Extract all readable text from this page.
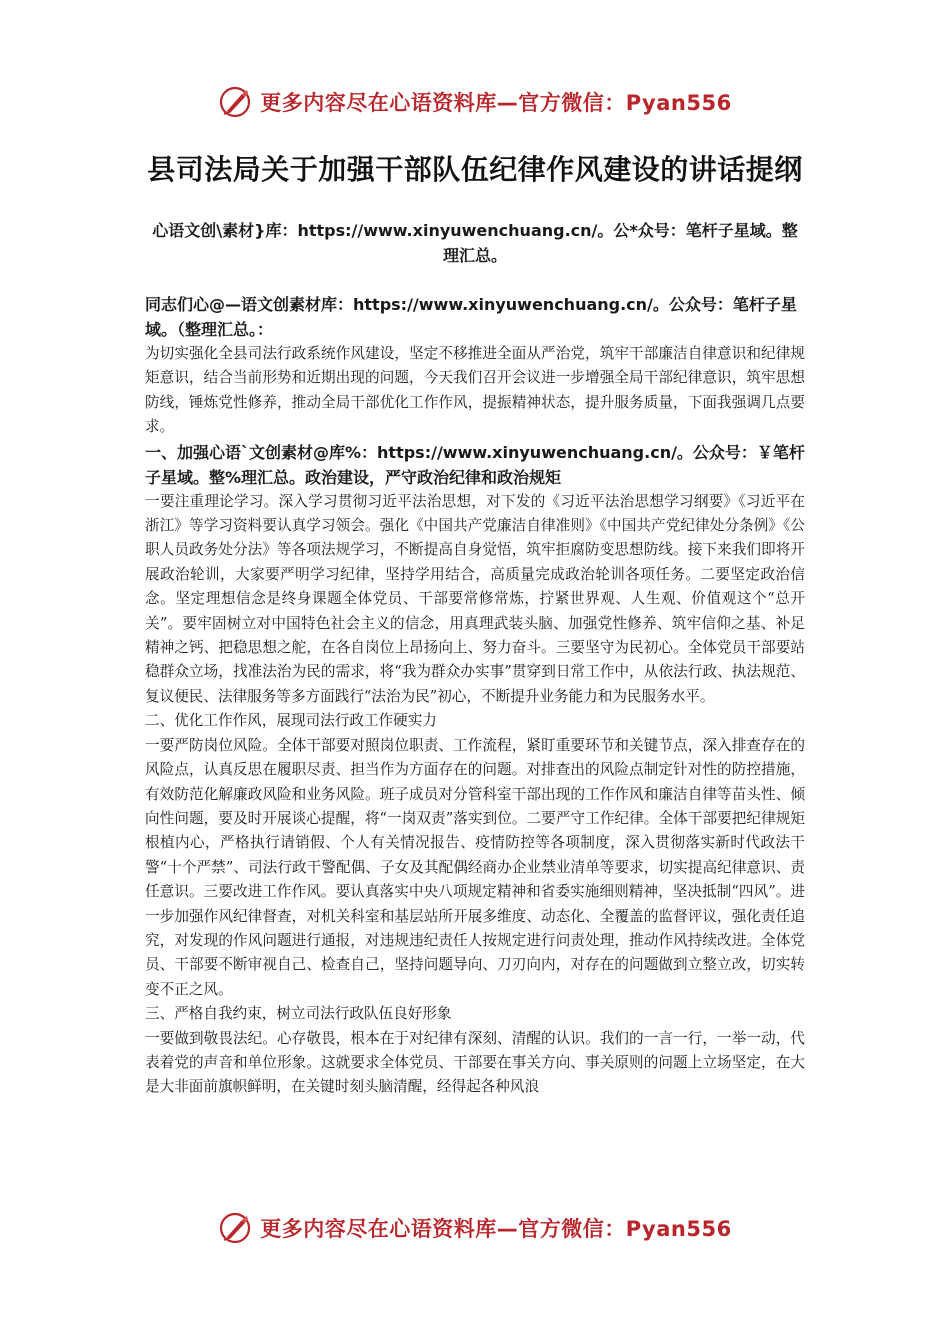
更多内容尽在心语资料库—官方微信：Pyan556
县司法局关于加强干部队伍纪律作风建设的讲话提纲

心语文创\素材}库：https://www.xinyuwenchuang.cn/。公*众号：笔杆子星域。整理汇总。

同志们心@—语文创素材库：https://www.xinyuwenchuang.cn/。公众号：笔杆子星域。（整理汇总。：

为切实强化全县司法行政系统作风建设，坚定不移推进全面从严治党，筑牢干部廉洁自律意识和纪律规矩意识，结合当前形势和近期出现的问题，今天我们召开会议进一步增强全局干部纪律意识，筑牢思想防线，锤炼党性修养，推动全局干部优化工作作风，提振精神状态，提升服务质量，下面我强调几点要求。

一、加强心语`文创素材@库%：https://www.xinyuwenchuang.cn/。公众号：￥笔杆子星域。整%理汇总。政治建设，严守政治纪律和政治规矩

一要注重理论学习。深入学习贯彻习近平法治思想，对下发的《习近平法治思想学习纲要》《习近平在浙江》等学习资料要认真学习领会。强化《中国共产党廉洁自律准则》《中国共产党纪律处分条例》《公职人员政务处分法》等各项法规学习，不断提高自身觉悟，筑牢拒腐防变思想防线。接下来我们即将开展政治轮训，大家要严明学习纪律，坚持学用结合，高质量完成政治轮训各项任务。二要坚定政治信念。坚定理想信念是终身课题全体党员、干部要常修常炼，拧紧世界观、人生观、价值观这个“总开关”。要牢固树立对中国特色社会主义的信念，用真理武装头脑、加强党性修养、筑牢信仰之基、补足精神之钙、把稳思想之舵，在各自岗位上昂扬向上、努力奋斗。三要坚守为民初心。全体党员干部要站稳群众立场，找准法治为民的需求，将“我为群众办实事”贯穿到日常工作中，从依法行政、执法规范、复议便民、法律服务等多方面践行“法治为民”初心，不断提升业务能力和为民服务水平。

二、优化工作作风，展现司法行政工作硬实力

一要严防岗位风险。全体干部要对照岗位职责、工作流程，紧盯重要环节和关键节点，深入排查存在的风险点，认真反思在履职尽责、担当作为方面存在的问题。对排查出的风险点制定针对性的防控措施，有效防范化解廉政风险和业务风险。班子成员对分管科室干部出现的工作作风和廉洁自律等苗头性、倾向性问题，要及时开展谈心提醒，将“一岗双责”落实到位。二要严守工作纪律。全体干部要把纪律规矩根植内心，严格执行请销假、个人有关情况报告、疫情防控等各项制度，深入贯彻落实新时代政法干警“十个严禁”、司法行政干警配偶、子女及其配偶经商办企业禁业清单等要求，切实提高纪律意识、责任意识。三要改进工作作风。要认真落实中央八项规定精神和省委实施细则精神，坚决抵制“四风”。进一步加强作风纪律督查，对机关科室和基层站所开展多维度、动态化、全覆盖的监督评议，强化责任追究，对发现的作风问题进行通报，对违规违纪责任人按规定进行问责处理，推动作风持续改进。全体党员、干部要不断审视自己、检查自己，坚持问题导向、刀刃向内，对存在的问题做到立整立改，切实转变不正之风。

三、严格自我约束，树立司法行政队伍良好形象

一要做到敬畏法纪。心存敬畏，根本在于对纪律有深刻、清醒的认识。我们的一言一行，一举一动，代表着党的声音和单位形象。这就要求全体党员、干部要在事关方向、事关原则的问题上立场坚定，在大是大非面前旗帜鲜明，在关键时刻头脑清醒，经得起各种风浪

更多内容尽在心语资料库—官方微信：Pyan556
